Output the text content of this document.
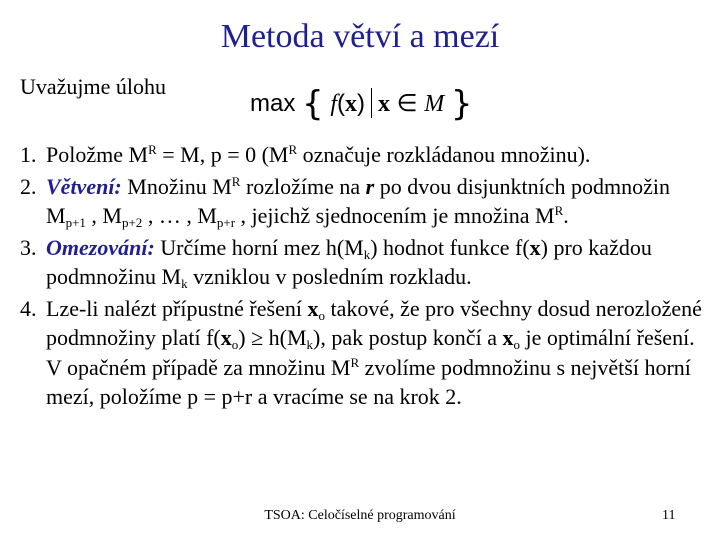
Metoda větví a mezí
Uvažujme úlohu
max { f(x) x ∈ M }
1. Položme $M^R = M$, p = 0 ($M^R$ označuje rozkládanou množinu).
2. Větvení: Množinu $M^R$ rozložíme na r po dvou disjunktních podmnožin $M_{p+1}$ , $M_{p+2}$ , … , $M_{p+r}$ , jejichž sjednocením je množina $M^R$.
3. Omezování: Určíme horní mez $h(M_k)$ hodnot funkce f(x) pro každou podmnožinu $M_k$ vzniklou v posledním rozkladu.
4. Lze-li nalézt přípustné řešení $x_o$ takové, že pro všechny dosud nerozložené podmnožiny platí $f(x_o) \ge h(M_k)$, pak postup končí a $x_o$ je optimální řešení. V opačném případě za množinu $M^R$ zvolíme podmnožinu s největší horní mezí, položíme p = p+r a vracíme se na krok 2.
TSOA: Celočíselné programování	11
